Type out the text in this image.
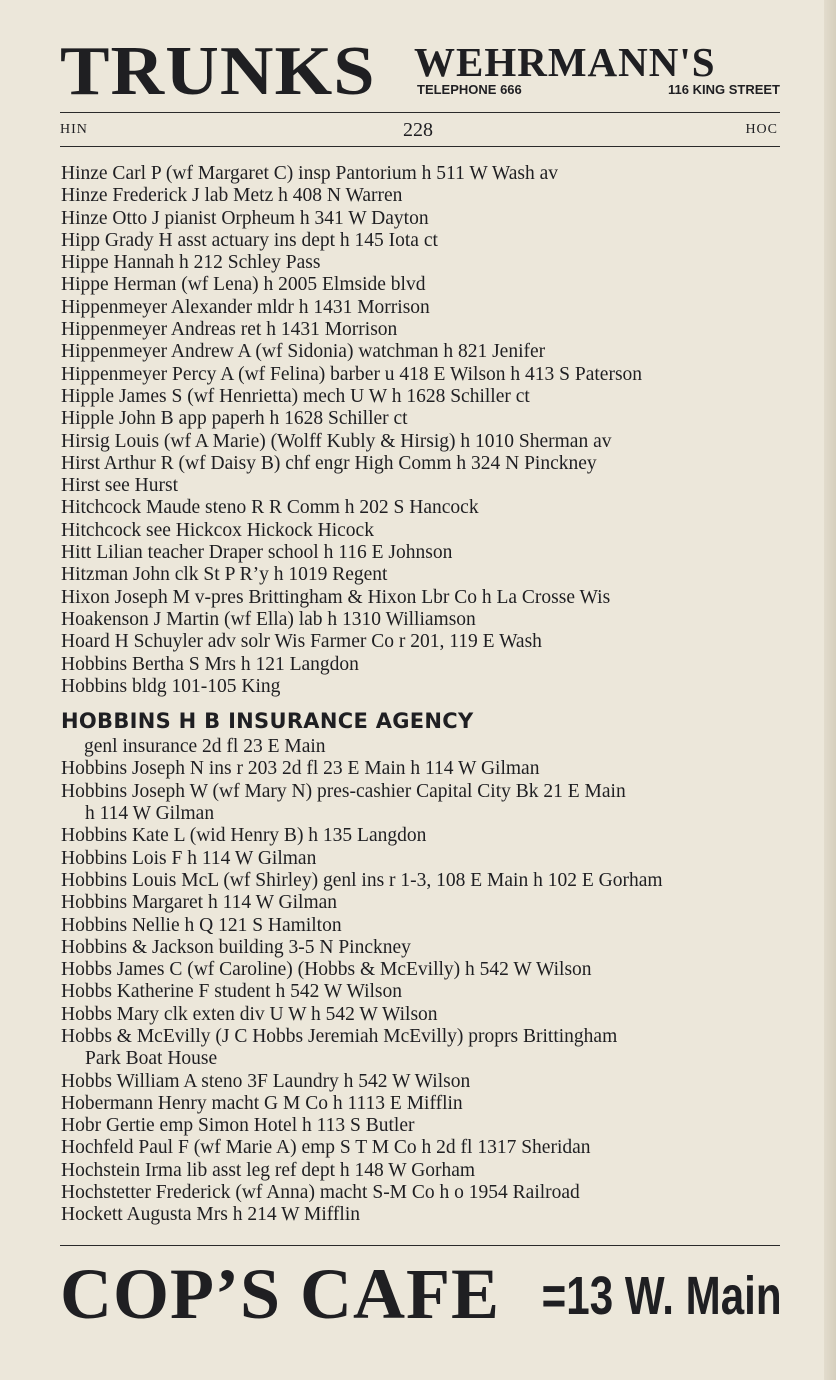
TRUNKS WEHRMANN'S
TELEPHONE 666	116 KING STREET
228
HIN	HOC
Hinze Carl P (wf Margaret C) insp Pantorium h 511 W Wash av
Hinze Frederick J lab Metz h 408 N Warren
Hinze Otto J pianist Orpheum h 341 W Dayton
Hipp Grady H asst actuary ins dept h 145 Iota ct
Hippe Hannah h 212 Schley Pass
Hippe Herman (wf Lena) h 2005 Elmside blvd
Hippenmeyer Alexander mldr h 1431 Morrison
Hippenmeyer Andreas ret h 1431 Morrison
Hippenmeyer Andrew A (wf Sidonia) watchman h 821 Jenifer
Hippenmeyer Percy A (wf Felina) barber u 418 E Wilson h 413 S Paterson
Hipple James S (wf Henrietta) mech U W h 1628 Schiller ct
Hipple John B app paperh h 1628 Schiller ct
Hirsig Louis (wf A Marie) (Wolff Kubly & Hirsig) h 1010 Sherman av
Hirst Arthur R (wf Daisy B) chf engr High Comm h 324 N Pinckney
Hirst see Hurst
Hitchcock Maude steno R R Comm h 202 S Hancock
Hitchcock see Hickcox Hickock Hicock
Hitt Lilian teacher Draper school h 116 E Johnson
Hitzman John clk St P R’y h 1019 Regent
Hixon Joseph M v-pres Brittingham & Hixon Lbr Co h La Crosse Wis
Hoakenson J Martin (wf Ella) lab h 1310 Williamson
Hoard H Schuyler adv solr Wis Farmer Co r 201, 119 E Wash
Hobbins Bertha S Mrs h 121 Langdon
Hobbins bldg 101-105 King
HOBBINS H B INSURANCE AGENCY
genl insurance 2d fl 23 E Main
Hobbins Joseph N ins r 203 2d fl 23 E Main h 114 W Gilman
Hobbins Joseph W (wf Mary N) pres-cashier Capital City Bk 21 E Main
h 114 W Gilman
Hobbins Kate L (wid Henry B) h 135 Langdon
Hobbins Lois F h 114 W Gilman
Hobbins Louis McL (wf Shirley) genl ins r 1-3, 108 E Main h 102 E Gorham
Hobbins Margaret h 114 W Gilman
Hobbins Nellie h Q 121 S Hamilton
Hobbins & Jackson building 3-5 N Pinckney
Hobbs James C (wf Caroline) (Hobbs & McEvilly) h 542 W Wilson
Hobbs Katherine F student h 542 W Wilson
Hobbs Mary clk exten div U W h 542 W Wilson
Hobbs & McEvilly (J C Hobbs Jeremiah McEvilly) proprs Brittingham
Park Boat House
Hobbs William A steno 3F Laundry h 542 W Wilson
Hobermann Henry macht G M Co h 1113 E Mifflin
Hobr Gertie emp Simon Hotel h 113 S Butler
Hochfeld Paul F (wf Marie A) emp S T M Co h 2d fl 1317 Sheridan
Hochstein Irma lib asst leg ref dept h 148 W Gorham
Hochstetter Frederick (wf Anna) macht S-M Co h o 1954 Railroad
Hockett Augusta Mrs h 214 W Mifflin
COP’S CAFE =13 W. Main
